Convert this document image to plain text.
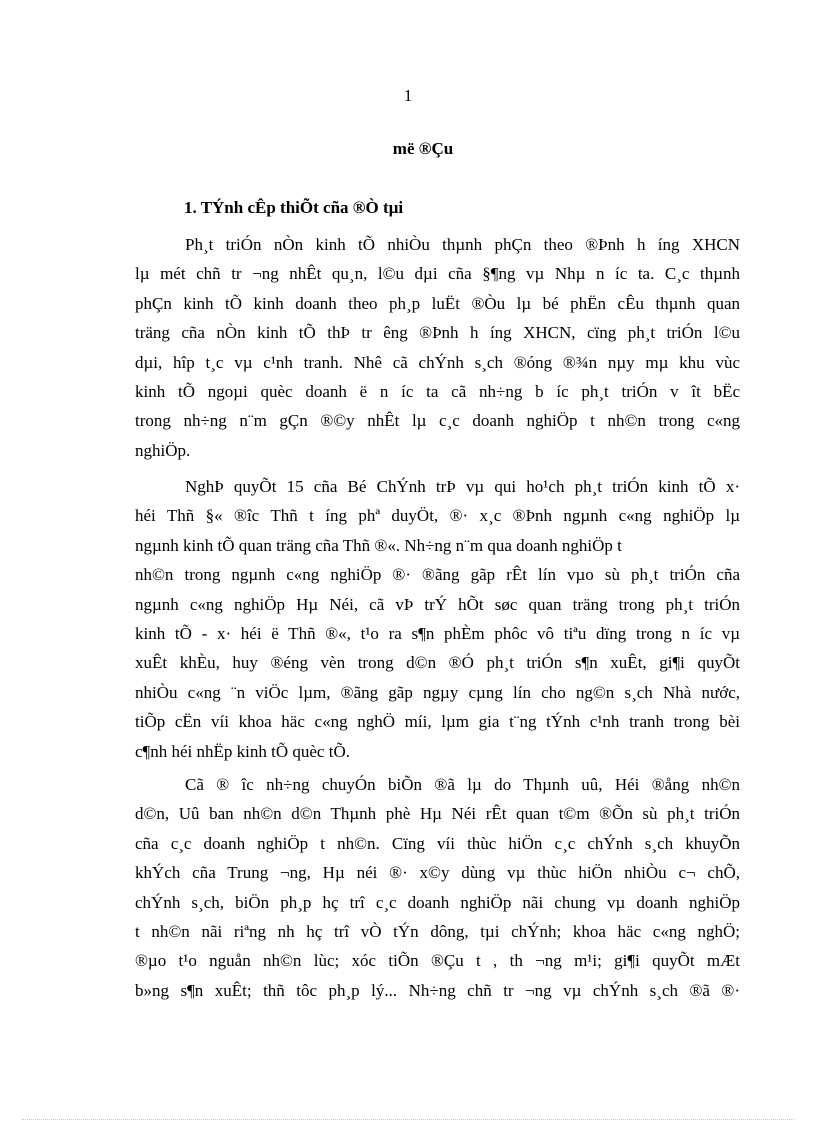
1
më ®Çu
1. TÝnh cÊp thiÕt cña ®Ò tµi
Ph¸t triÓn nÒn kinh tÕ nhiÒu thµnh phÇn theo ®Þnh h íng XHCN
lµ mét chñ tr ¬ng nhÊt qu¸n, l©u dµi cña §¶ng vµ Nhµ n íc ta. C¸c thµnh
phÇn kinh tÕ kinh doanh theo ph¸p luËt ®Òu lµ bé phËn cÊu thµnh quan
träng cña nÒn kinh tÕ thÞ tr êng ®Þnh h íng XHCN, cïng ph¸t triÓn l©u
dµi, hîp t¸c vµ c¹nh tranh. Nhê cã chÝnh s¸ch ®óng ®¾n nµy mµ khu vùc
kinh tÕ ngoµi quèc doanh ë n íc ta cã nh÷ng b íc ph¸t triÓn v ît bËc
trong nh÷ng n¨m gÇn ®©y nhÊt lµ c¸c doanh nghiÖp t nh©n trong c«ng
nghiÖp.
NghÞ quyÕt 15 cña Bé ChÝnh trÞ vµ qui ho¹ch ph¸t triÓn kinh tÕ x·
héi Thñ §« ®îc Thñ t íng phª duyÖt, ®· x¸c ®Þnh ngµnh c«ng nghiÖp lµ
ngµnh kinh tÕ quan träng cña Thñ ®«. Nh÷ng n¨m qua doanh nghiÖp t
nh©n trong ngµnh c«ng nghiÖp ®· ®ãng gãp rÊt lín vµo sù ph¸t triÓn cña
ngµnh c«ng nghiÖp Hµ Néi, cã vÞ trÝ hÕt søc quan träng trong ph¸t triÓn
kinh tÕ - x· héi ë Thñ ®«, t¹o ra s¶n phÈm phôc vô tiªu dïng trong n íc vµ
xuÊt khÈu, huy ®éng vèn trong d©n ®Ó ph¸t triÓn s¶n xuÊt, gi¶i quyÕt
nhiÒu c«ng ¨n viÖc lµm, ®ãng gãp ngµy cµng lín cho ng©n s¸ch Nhà nước,
tiÕp cËn víi khoa häc c«ng nghÖ míi, lµm gia t¨ng tÝnh c¹nh tranh trong bèi
c¶nh héi nhËp kinh tÕ quèc tÕ.
Cã ® îc nh÷ng chuyÓn biÕn ®ã lµ do Thµnh uû, Héi ®ång nh©n
d©n, Uû ban nh©n d©n Thµnh phè Hµ Néi rÊt quan t©m ®Õn sù ph¸t triÓn
cña c¸c doanh nghiÖp t nh©n. Cïng víi thùc hiÖn c¸c chÝnh s¸ch khuyÕn
khÝch cña Trung ¬ng, Hµ néi ®· x©y dùng vµ thùc hiÖn nhiÒu c¬ chÕ,
chÝnh s¸ch, biÖn ph¸p hç trî c¸c doanh nghiÖp nãi chung vµ doanh nghiÖp
t nh©n nãi riªng nh hç trî vÒ tÝn dông, tµi chÝnh; khoa häc c«ng nghÖ;
®µo t¹o nguån nh©n lùc; xóc tiÕn ®Çu t , th ¬ng m¹i; gi¶i quyÕt mÆt
b»ng s¶n xuÊt; thñ tôc ph¸p lý... Nh÷ng chñ tr ¬ng vµ chÝnh s¸ch ®ã ®·
